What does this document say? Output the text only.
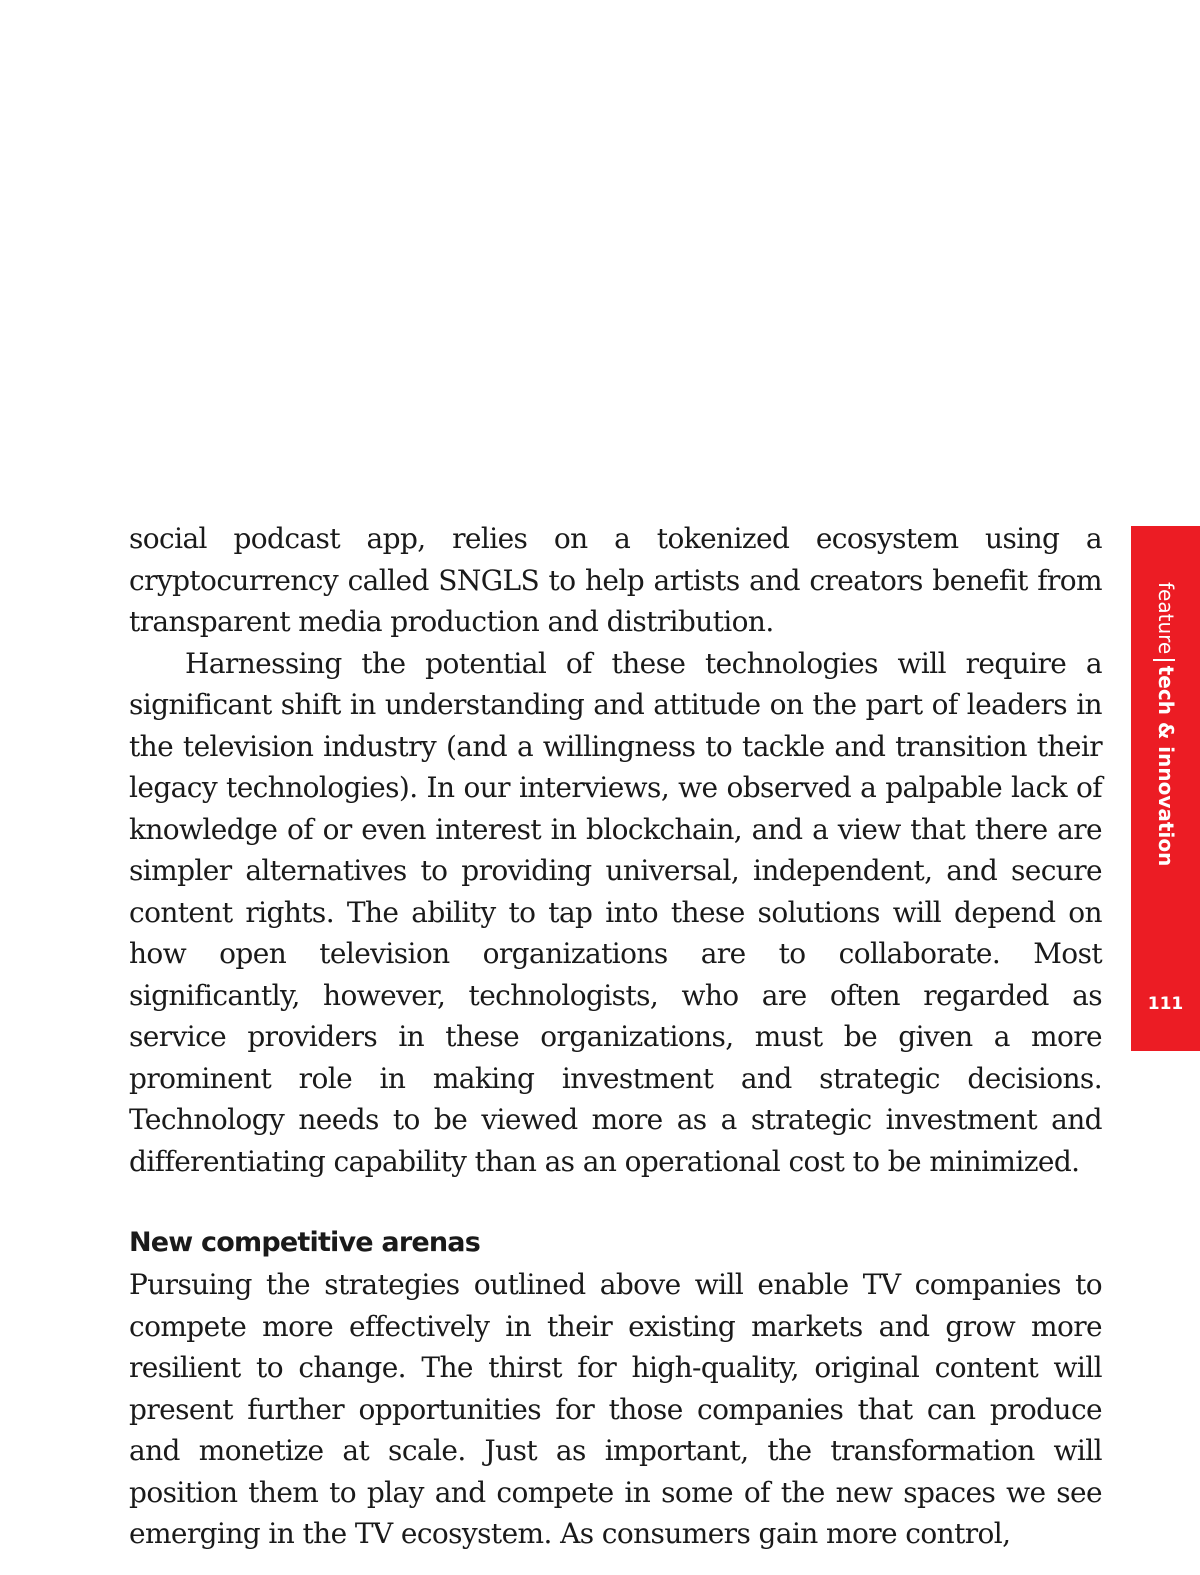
social podcast app, relies on a tokenized ecosystem using a cryptocurrency called SNGLS to help artists and creators benefit from transparent media production and distribution.

Harnessing the potential of these technologies will require a significant shift in understanding and attitude on the part of leaders in the television industry (and a willingness to tackle and transition their legacy technologies). In our interviews, we observed a palpable lack of knowledge of or even interest in blockchain, and a view that there are simpler alternatives to providing universal, independent, and secure content rights. The ability to tap into these solutions will depend on how open television organizations are to collaborate. Most significantly, however, technologists, who are often regarded as service providers in these organizations, must be given a more prominent role in making investment and strategic decisions. Technology needs to be viewed more as a strategic investment and differentiating capability than as an operational cost to be minimized.

New competitive arenas

Pursuing the strategies outlined above will enable TV companies to compete more effectively in their existing markets and grow more resilient to change. The thirst for high-quality, original content will present further opportunities for those companies that can produce and monetize at scale. Just as important, the transformation will position them to play and compete in some of the new spaces we see emerging in the TV ecosystem. As consumers gain more control,

featuretech & innovation
111
